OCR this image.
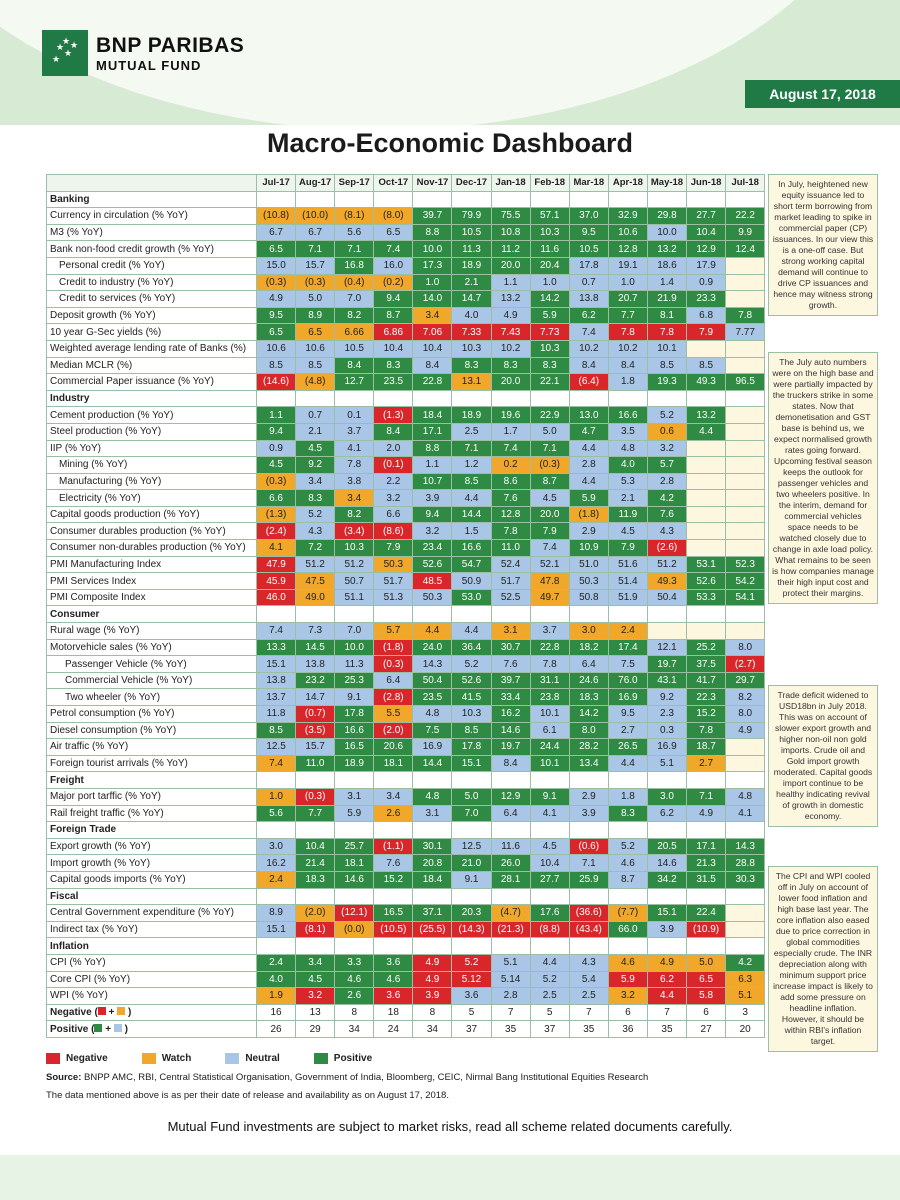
★ ★
★
★
★
BNP PARIBAS
MUTUAL FUND
August 17, 2018
Macro-Economic Dashboard
	Jul-17	Aug-17	Sep-17	Oct-17	Nov-17	Dec-17	Jan-18	Feb-18	Mar-18	Apr-18	May-18	Jun-18	Jul-18
Banking													
Currency in circulation (% YoY)	(10.8)	(10.0)	(8.1)	(8.0)	39.7	79.9	75.5	57.1	37.0	32.9	29.8	27.7	22.2
M3 (% YoY)	6.7	6.7	5.6	6.5	8.8	10.5	10.8	10.3	9.5	10.6	10.0	10.4	9.9
Bank non-food credit growth (% YoY)	6.5	7.1	7.1	7.4	10.0	11.3	11.2	11.6	10.5	12.8	13.2	12.9	12.4
Personal credit (% YoY)	15.0	15.7	16.8	16.0	17.3	18.9	20.0	20.4	17.8	19.1	18.6	17.9	
Credit to industry (% YoY)	(0.3)	(0.3)	(0.4)	(0.2)	1.0	2.1	1.1	1.0	0.7	1.0	1.4	0.9	
Credit to services (% YoY)	4.9	5.0	7.0	9.4	14.0	14.7	13.2	14.2	13.8	20.7	21.9	23.3	
Deposit growth (% YoY)	9.5	8.9	8.2	8.7	3.4	4.0	4.9	5.9	6.2	7.7	8.1	6.8	7.8
10 year G-Sec yields (%)	6.5	6.5	6.66	6.86	7.06	7.33	7.43	7.73	7.4	7.8	7.8	7.9	7.77
Weighted average lending rate of Banks (%)	10.6	10.6	10.5	10.4	10.4	10.3	10.2	10.3	10.2	10.2	10.1		
Median MCLR (%)	8.5	8.5	8.4	8.3	8.4	8.3	8.3	8.3	8.4	8.4	8.5	8.5	
Commercial Paper issuance (% YoY)	(14.6)	(4.8)	12.7	23.5	22.8	13.1	20.0	22.1	(6.4)	1.8	19.3	49.3	96.5
Industry													
Cement production (% YoY)	1.1	0.7	0.1	(1.3)	18.4	18.9	19.6	22.9	13.0	16.6	5.2	13.2	
Steel production (% YoY)	9.4	2.1	3.7	8.4	17.1	2.5	1.7	5.0	4.7	3.5	0.6	4.4	
IIP (% YoY)	0.9	4.5	4.1	2.0	8.8	7.1	7.4	7.1	4.4	4.8	3.2		
Mining (% YoY)	4.5	9.2	7.8	(0.1)	1.1	1.2	0.2	(0.3)	2.8	4.0	5.7		
Manufacturing (% YoY)	(0.3)	3.4	3.8	2.2	10.7	8.5	8.6	8.7	4.4	5.3	2.8		
Electricity (% YoY)	6.6	8.3	3.4	3.2	3.9	4.4	7.6	4.5	5.9	2.1	4.2		
Capital goods production (% YoY)	(1.3)	5.2	8.2	6.6	9.4	14.4	12.8	20.0	(1.8)	11.9	7.6		
Consumer durables production (% YoY)	(2.4)	4.3	(3.4)	(8.6)	3.2	1.5	7.8	7.9	2.9	4.5	4.3		
Consumer non-durables production (% YoY)	4.1	7.2	10.3	7.9	23.4	16.6	11.0	7.4	10.9	7.9	(2.6)		
PMI Manufacturing Index	47.9	51.2	51.2	50.3	52.6	54.7	52.4	52.1	51.0	51.6	51.2	53.1	52.3
PMI Services Index	45.9	47.5	50.7	51.7	48.5	50.9	51.7	47.8	50.3	51.4	49.3	52.6	54.2
PMI Composite Index	46.0	49.0	51.1	51.3	50.3	53.0	52.5	49.7	50.8	51.9	50.4	53.3	54.1
Consumer													
Rural wage (% YoY)	7.4	7.3	7.0	5.7	4.4	4.4	3.1	3.7	3.0	2.4			
Motorvehicle sales (% YoY)	13.3	14.5	10.0	(1.8)	24.0	36.4	30.7	22.8	18.2	17.4	12.1	25.2	8.0
Passenger Vehicle (% YoY)	15.1	13.8	11.3	(0.3)	14.3	5.2	7.6	7.8	6.4	7.5	19.7	37.5	(2.7)
Commercial Vehicle (% YoY)	13.8	23.2	25.3	6.4	50.4	52.6	39.7	31.1	24.6	76.0	43.1	41.7	29.7
Two wheeler (% YoY)	13.7	14.7	9.1	(2.8)	23.5	41.5	33.4	23.8	18.3	16.9	9.2	22.3	8.2
Petrol consumption (% YoY)	11.8	(0.7)	17.8	5.5	4.8	10.3	16.2	10.1	14.2	9.5	2.3	15.2	8.0
Diesel consumption (% YoY)	8.5	(3.5)	16.6	(2.0)	7.5	8.5	14.6	6.1	8.0	2.7	0.3	7.8	4.9
Air traffic (% YoY)	12.5	15.7	16.5	20.6	16.9	17.8	19.7	24.4	28.2	26.5	16.9	18.7	
Foreign tourist arrivals (% YoY)	7.4	11.0	18.9	18.1	14.4	15.1	8.4	10.1	13.4	4.4	5.1	2.7	
Freight													
Major port tarffic (% YoY)	1.0	(0.3)	3.1	3.4	4.8	5.0	12.9	9.1	2.9	1.8	3.0	7.1	4.8
Rail freight traffic (% YoY)	5.6	7.7	5.9	2.6	3.1	7.0	6.4	4.1	3.9	8.3	6.2	4.9	4.1
Foreign Trade													
Export growth (% YoY)	3.0	10.4	25.7	(1.1)	30.1	12.5	11.6	4.5	(0.6)	5.2	20.5	17.1	14.3
Import growth (% YoY)	16.2	21.4	18.1	7.6	20.8	21.0	26.0	10.4	7.1	4.6	14.6	21.3	28.8
Capital goods imports (% YoY)	2.4	18.3	14.6	15.2	18.4	9.1	28.1	27.7	25.9	8.7	34.2	31.5	30.3
Fiscal													
Central Government expenditure (% YoY)	8.9	(2.0)	(12.1)	16.5	37.1	20.3	(4.7)	17.6	(36.6)	(7.7)	15.1	22.4	
Indirect tax (% YoY)	15.1	(8.1)	(0.0)	(10.5)	(25.5)	(14.3)	(21.3)	(8.8)	(43.4)	66.0	3.9	(10.9)	
Inflation													
CPI (% YoY)	2.4	3.4	3.3	3.6	4.9	5.2	5.1	4.4	4.3	4.6	4.9	5.0	4.2
Core CPI (% YoY)	4.0	4.5	4.6	4.6	4.9	5.12	5.14	5.2	5.4	5.9	6.2	6.5	6.3
WPI (% YoY)	1.9	3.2	2.6	3.6	3.9	3.6	2.8	2.5	2.5	3.2	4.4	5.8	5.1
Negative ( + )	16	13	8	18	8	5	7	5	7	6	7	6	3
Positive ( + )	26	29	34	24	34	37	35	37	35	36	35	27	20
In July, heightened new equity issuance led to short term borrowing from market leading to spike in commercial paper (CP) issuances. In our view this is a one-off case. But strong working capital demand will continue to drive CP issuances and hence may witness strong growth.
The July auto numbers were on the high base and were partially impacted by the truckers strike in some states. Now that demonetisation and GST base is behind us, we expect normalised growth rates going forward. Upcoming festival season keeps the outlook for passenger vehicles and two wheelers positive. In the interim, demand for commercial vehicles space needs to be watched closely due to change in axle load policy. What remains to be seen is how companies manage their high input cost and protect their margins.
Trade deficit widened to USD18bn in July 2018. This was on account of slower export growth and higher non-oil non gold imports. Crude oil and Gold import growth moderated. Capital goods import continue to be healthy indicating revival of growth in domestic economy.
The CPI and WPI cooled off in July on account of lower food inflation and high base last year. The core inflation also eased due to price correction in global commodities especially crude. The INR depreciation along with minimum support price increase impact is likely to add some pressure on headline inflation. However, it should be within RBI's inflation target.
Negative	Watch	Neutral	Positive
Source: BNPP AMC, RBI, Central Statistical Organisation, Government of India, Bloomberg, CEIC, Nirmal Bang Institutional Equities Research
The data mentioned above is as per their date of release and availability as on August 17, 2018.
Mutual Fund investments are subject to market risks, read all scheme related documents carefully.
